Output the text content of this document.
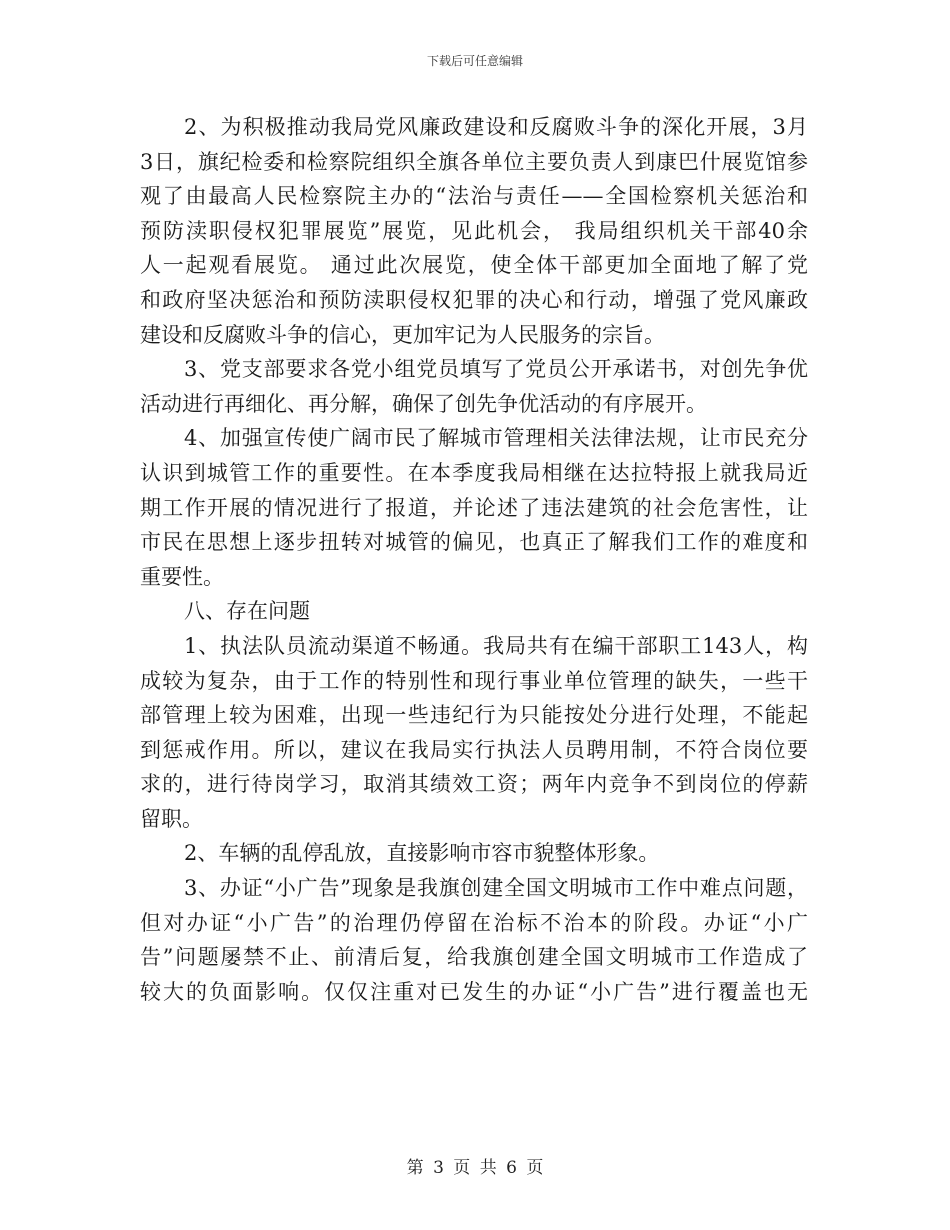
下载后可任意编辑
2、为积极推动我局党风廉政建设和反腐败斗争的深化开展，3月
3日，旗纪检委和检察院组织全旗各单位主要负责人到康巴什展览馆参
观了由最高人民检察院主办的“法治与责任——全国检察机关惩治和
预防渎职侵权犯罪展览”展览，见此机会， 我局组织机关干部40余
人一起观看展览。 通过此次展览，使全体干部更加全面地了解了党
和政府坚决惩治和预防渎职侵权犯罪的决心和行动，增强了党风廉政
建设和反腐败斗争的信心，更加牢记为人民服务的宗旨。
3、党支部要求各党小组党员填写了党员公开承诺书，对创先争优
活动进行再细化、再分解，确保了创先争优活动的有序展开。
4、加强宣传使广阔市民了解城市管理相关法律法规，让市民充分
认识到城管工作的重要性。在本季度我局相继在达拉特报上就我局近
期工作开展的情况进行了报道，并论述了违法建筑的社会危害性，让
市民在思想上逐步扭转对城管的偏见，也真正了解我们工作的难度和
重要性。
八、存在问题
1、执法队员流动渠道不畅通。我局共有在编干部职工143人，构
成较为复杂，由于工作的特别性和现行事业单位管理的缺失，一些干
部管理上较为困难，出现一些违纪行为只能按处分进行处理，不能起
到惩戒作用。所以，建议在我局实行执法人员聘用制，不符合岗位要
求的，进行待岗学习，取消其绩效工资；两年内竞争不到岗位的停薪
留职。
2、车辆的乱停乱放，直接影响市容市貌整体形象。
3、办证“小广告”现象是我旗创建全国文明城市工作中难点问题，
但对办证“小广告”的治理仍停留在治标不治本的阶段。办证“小广
告”问题屡禁不止、前清后复，给我旗创建全国文明城市工作造成了
较大的负面影响。仅仅注重对已发生的办证“小广告”进行覆盖也无
第 3 页 共 6 页
